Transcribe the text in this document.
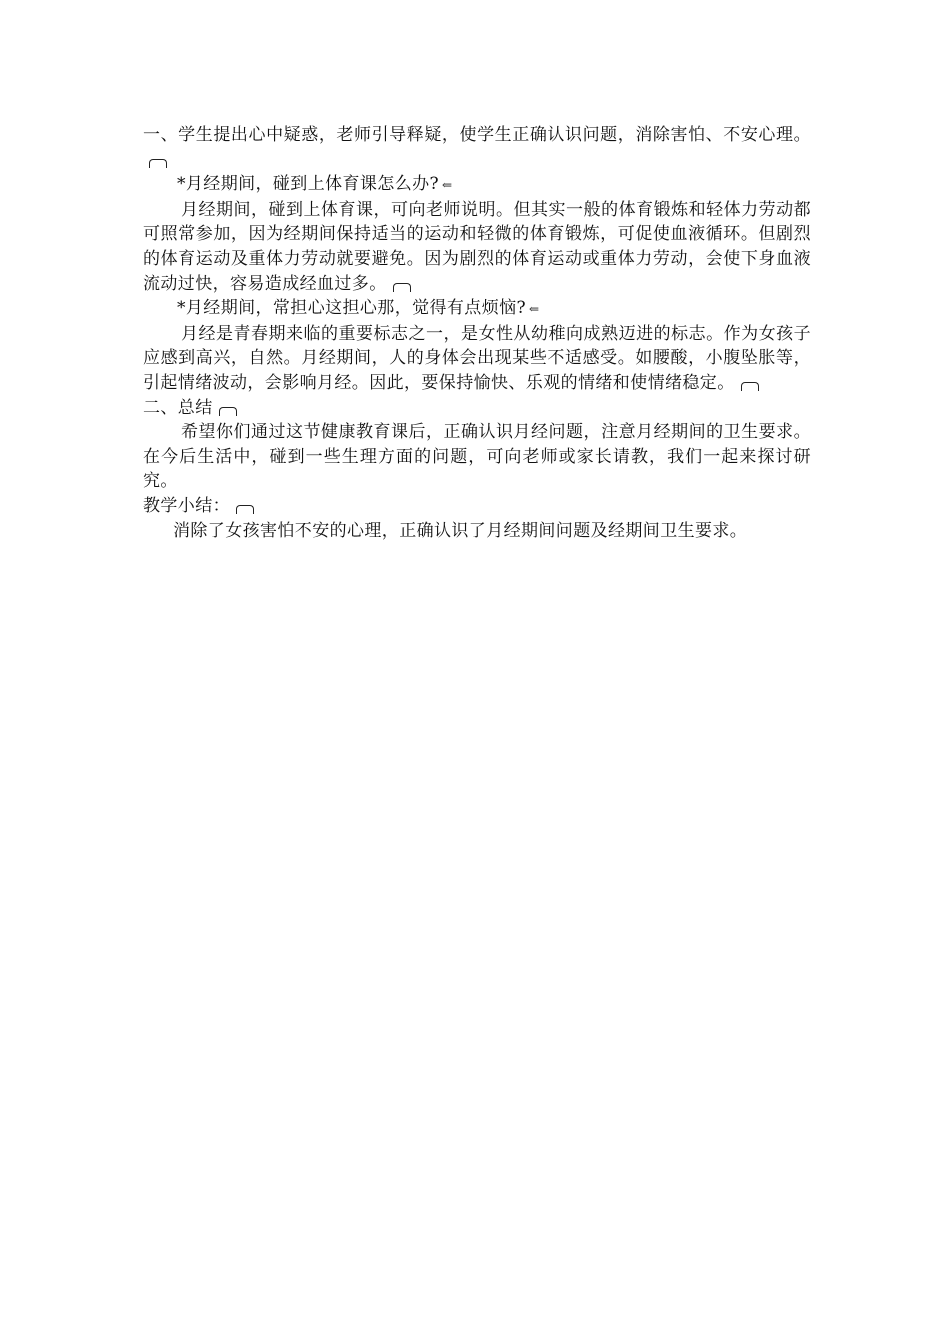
一、学生提出心中疑惑，老师引导释疑，使学生正确认识问题，消除害怕、不安心理。

*月经期间，碰到上体育课怎么办? ⇐

月经期间，碰到上体育课，可向老师说明。但其实一般的体育锻炼和轻体力劳动都可照常参加，因为经期间保持适当的运动和轻微的体育锻炼，可促使血液循环。但剧烈的体育运动及重体力劳动就要避免。因为剧烈的体育运动或重体力劳动，会使下身血液流动过快，容易造成经血过多。

*月经期间，常担心这担心那，觉得有点烦恼? ⇐

月经是青春期来临的重要标志之一，是女性从幼稚向成熟迈进的标志。作为女孩子应感到高兴，自然。月经期间，人的身体会出现某些不适感受。如腰酸，小腹坠胀等，引起情绪波动，会影响月经。因此，要保持愉快、乐观的情绪和使情绪稳定。

二、总结

希望你们通过这节健康教育课后，正确认识月经问题，注意月经期间的卫生要求。在今后生活中，碰到一些生理方面的问题，可向老师或家长请教，我们一起来探讨研究。

教学小结：

消除了女孩害怕不安的心理，正确认识了月经期间问题及经期间卫生要求。
